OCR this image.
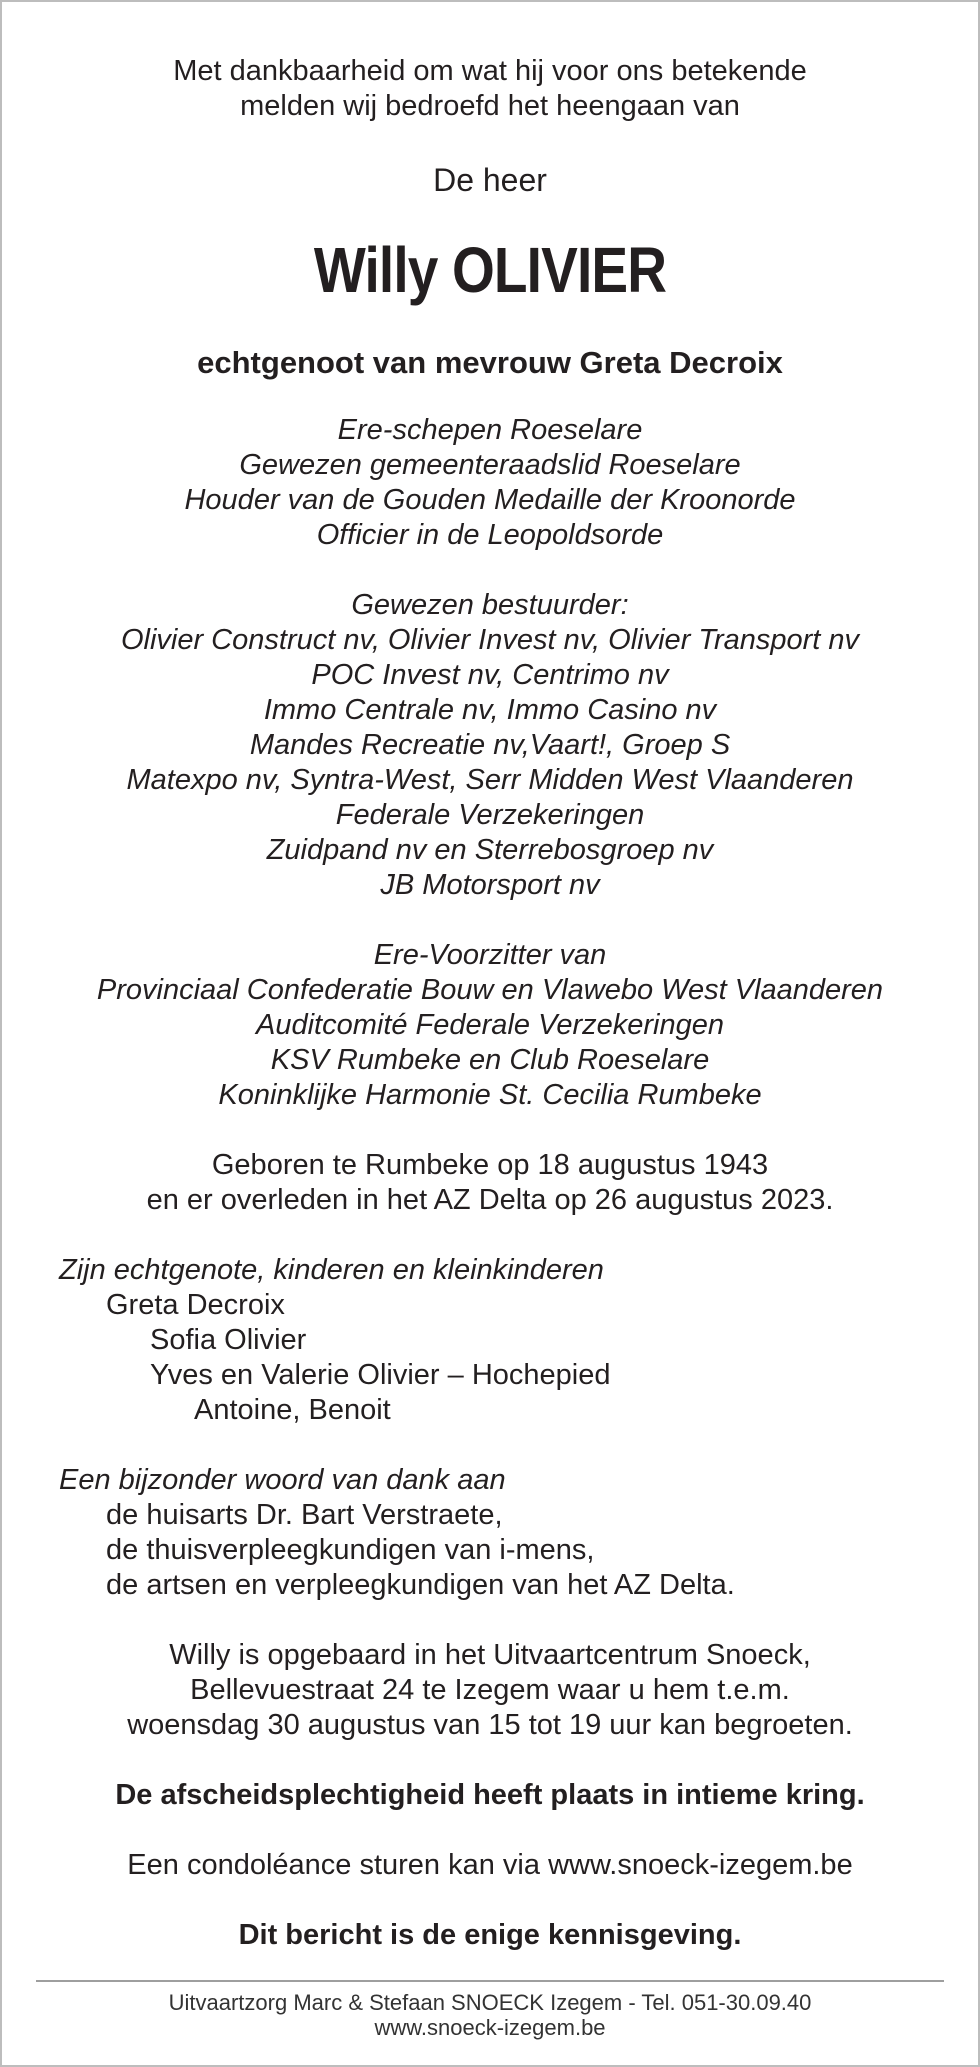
Met dankbaarheid om wat hij voor ons betekende

melden wij bedroefd het heengaan van

De heer

Willy OLIVIER

echtgenoot van mevrouw Greta Decroix

Ere-schepen Roeselare

Gewezen gemeenteraadslid Roeselare

Houder van de Gouden Medaille der Kroonorde

Officier in de Leopoldsorde

Gewezen bestuurder:

Olivier Construct nv, Olivier Invest nv, Olivier Transport nv

POC Invest nv, Centrimo nv

Immo Centrale nv, Immo Casino nv

Mandes Recreatie nv,Vaart!, Groep S

Matexpo nv, Syntra-West, Serr Midden West Vlaanderen

Federale Verzekeringen

Zuidpand nv en Sterrebosgroep nv

JB Motorsport nv

Ere-Voorzitter van

Provinciaal Confederatie Bouw en Vlawebo West Vlaanderen

Auditcomité Federale Verzekeringen

KSV Rumbeke en Club Roeselare

Koninklijke Harmonie St. Cecilia Rumbeke

Geboren te Rumbeke op 18 augustus 1943

en er overleden in het AZ Delta op 26 augustus 2023.

Zijn echtgenote, kinderen en kleinkinderen

Greta Decroix

Sofia Olivier

Yves en Valerie Olivier – Hochepied

Antoine, Benoit

Een bijzonder woord van dank aan

de huisarts Dr. Bart Verstraete,

de thuisverpleegkundigen van i-mens,

de artsen en verpleegkundigen van het AZ Delta.

Willy is opgebaard in het Uitvaartcentrum Snoeck,

Bellevuestraat 24 te Izegem waar u hem t.e.m.

woensdag 30 augustus van 15 tot 19 uur kan begroeten.

De afscheidsplechtigheid heeft plaats in intieme kring.

Een condoléance sturen kan via www.snoeck-izegem.be

Dit bericht is de enige kennisgeving.

Uitvaartzorg Marc & Stefaan SNOECK Izegem - Tel. 051-30.09.40
www.snoeck-izegem.be
